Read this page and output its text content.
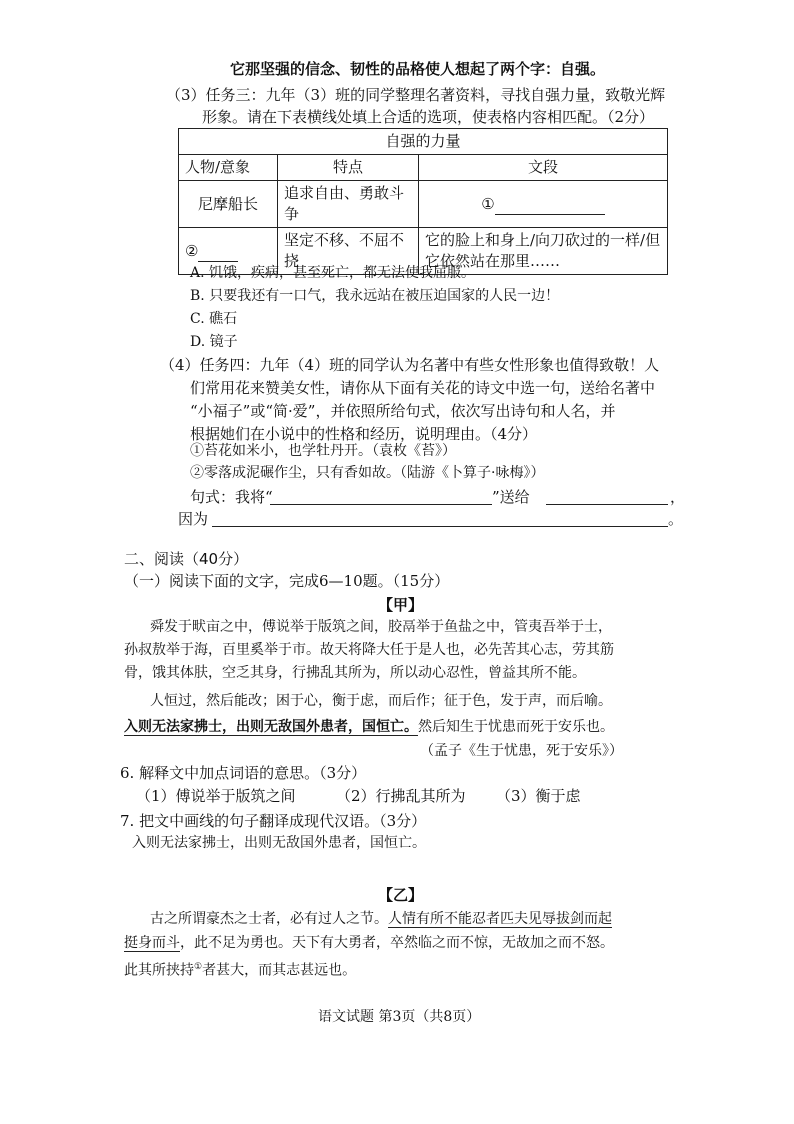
它那坚强的信念、韧性的品格使人想起了两个字：自强。
（3）任务三：九年（3）班的同学整理名著资料，寻找自强力量，致敬光辉
形象。请在下表横线处填上合适的选项，使表格内容相匹配。（2分）
自强的力量		
人物/意象	特点	文段
尼摩船长	追求自由、勇敢斗争	①
②	坚定不移、不屈不挠	它的脸上和身上/向刀砍过的一样/但它依然站在那里……
A. 饥饿，疾病，甚至死亡，都无法使我屈服。
B. 只要我还有一口气，我永远站在被压迫国家的人民一边！
C. 礁石
D. 镜子
（4）任务四：九年（4）班的同学认为名著中有些女性形象也值得致敬！人
们常用花来赞美女性，请你从下面有关花的诗文中选一句，送给名著中
“小福子”或“简·爱”，并依照所给句式，依次写出诗句和人名，并
根据她们在小说中的性格和经历，说明理由。（4分）
①苔花如米小，也学牡丹开。（袁枚《苔》）
②零落成泥碾作尘，只有香如故。（陆游《卜算子·咏梅》）
句式：我将“	”送给	，
因为	。
二、阅读（40分）
（一）阅读下面的文字，完成6—10题。（15分）
【甲】
舜发于畎亩之中，傅说举于版筑之间，胶鬲举于鱼盐之中，管夷吾举于士，
孙叔敖举于海，百里奚举于市。故天将降大任于是人也，必先苦其心志，劳其筋
骨，饿其体肤，空乏其身，行拂乱其所为，所以动心忍性，曾益其所不能。
人恒过，然后能改；困于心，衡于虑，而后作；征于色，发于声，而后喻。
入则无法家拂士，出则无敌国外患者，国恒亡。然后知生于忧患而死于安乐也。
（孟子《生于忧患，死于安乐》）
6. 解释文中加点词语的意思。（3分）
（1）傅说举于版筑之间	（2）行拂乱其所为 （3）衡于虑
7. 把文中画线的句子翻译成现代汉语。（3分）
入则无法家拂士，出则无敌国外患者，国恒亡。
【乙】
古之所谓豪杰之士者，必有过人之节。人情有所不能忍者匹夫见辱拔剑而起
挺身而斗，此不足为勇也。天下有大勇者，卒然临之而不惊，无故加之而不怒。
此其所挟持①者甚大，而其志甚远也。
语文试题 第3页（共8页）
